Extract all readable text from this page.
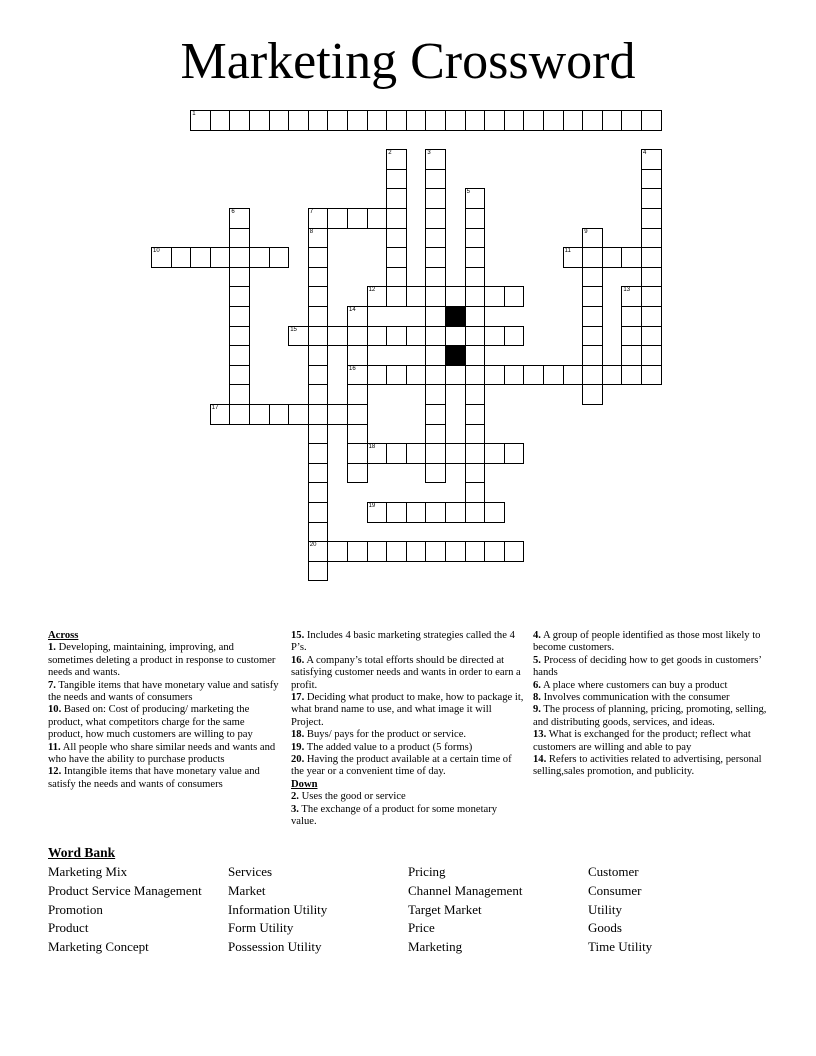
Marketing Crossword
1
2	3	4
5
6	7
8
20
9
10	11
12	13
14
16
15
17
18
19
Across
1. Developing, maintaining, improving, and sometimes deleting a product in response to customer needs and wants.
7. Tangible items that have monetary value and satisfy the needs and wants of consumers
10. Based on: Cost of producing/ marketing the product, what competitors charge for the same product, how much customers are willing to pay
11. All people who share similar needs and wants and who have the ability to purchase products
12. Intangible items that have monetary value and satisfy the needs and wants of consumers
15. Includes 4 basic marketing strategies called the 4 P’s.
16. A company’s total efforts should be directed at satisfying customer needs and wants in order to earn a profit.
17. Deciding what product to make, how to package it, what brand name to use, and what image it will Project.
18. Buys/ pays for the product or service.
19. The added value to a product (5 forms)
20. Having the product available at a certain time of the year or a convenient time of day.
Down
2. Uses the good or service
3. The exchange of a product for some monetary value.
4. A group of people identified as those most likely to become customers.
5. Process of deciding how to get goods in customers’ hands
6. A place where customers can buy a product
8. Involves communication with the consumer
9. The process of planning, pricing, promoting, selling, and distributing goods, services, and ideas.
13. What is exchanged for the product; reflect what customers are willing and able to pay
14. Refers to activities related to advertising, personal selling,sales promotion, and publicity.
Word Bank
Marketing Mix	Services	Pricing	Customer
Product Service Management	Market	Channel Management	Consumer
Promotion	Information Utility	Target Market	Utility
Product	Form Utility	Price	Goods
Marketing Concept	Possession Utility	Marketing	Time Utility
